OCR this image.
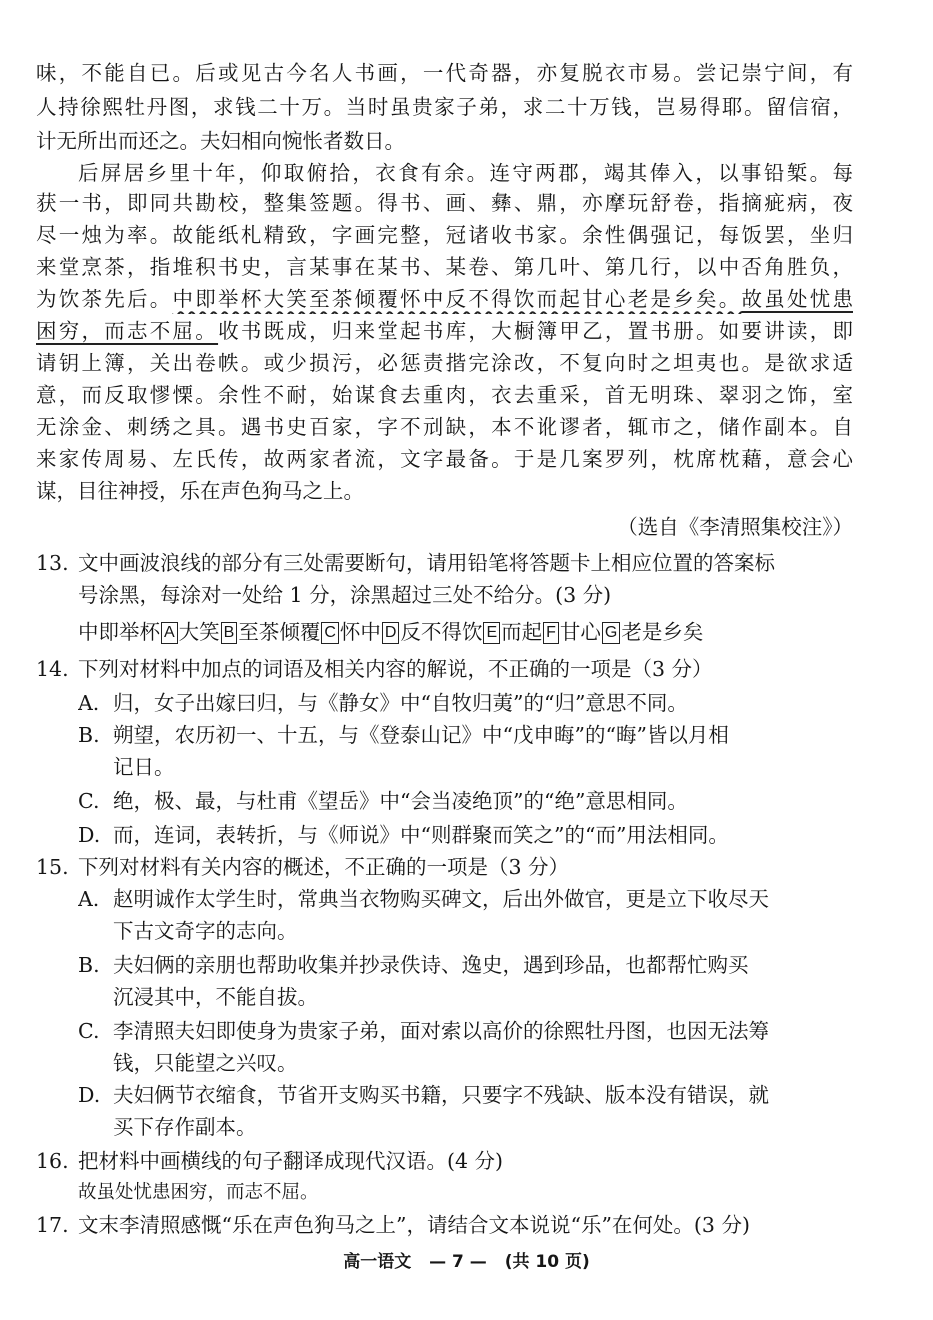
味，不能自已。后或见古今名人书画，一代奇器，亦复脱衣市易。尝记崇宁间，有
人持徐熙牡丹图，求钱二十万。当时虽贵家子弟，求二十万钱，岂易得耶。留信宿，
计无所出而还之。夫妇相向惋怅者数日。
后屏居乡里十年，仰取俯拾，衣食有余。连守两郡，竭其俸入，以事铅椠。每
获一书，即同共勘校，整集签题。得书、画、彝、鼎，亦摩玩舒卷，指摘疵病，夜
尽一烛为率。故能纸札精致，字画完整，冠诸收书家。余性偶强记，每饭罢，坐归
来堂烹茶，指堆积书史，言某事在某书、某卷、第几叶、第几行，以中否角胜负，
为饮茶先后。中即举杯大笑至茶倾覆怀中反不得饮而起甘心老是乡矣。故虽处忧患
困穷，而志不屈。收书既成，归来堂起书库，大橱簿甲乙，置书册。如要讲读，即
请钥上簿，关出卷帙。或少损污，必惩责揩完涂改，不复向时之坦夷也。是欲求适
意，而反取憀慄。余性不耐，始谋食去重肉，衣去重采，首无明珠、翠羽之饰，室
无涂金、刺绣之具。遇书史百家，字不刓缺，本不讹谬者，辄市之，储作副本。自
来家传周易、左氏传，故两家者流，文字最备。于是几案罗列，枕席枕藉，意会心
谋，目往神授，乐在声色狗马之上。
（选自《李清照集校注》）
13. 文中画波浪线的部分有三处需要断句，请用铅笔将答题卡上相应位置的答案标
号涂黑，每涂对一处给 1 分，涂黑超过三处不给分。(3 分)
中即举杯 A 大笑 B 至茶倾覆 C 怀中 D 反不得饮 E 而起 F 甘心 G 老是乡矣
14. 下列对材料中加点的词语及相关内容的解说，不正确的一项是（3 分）
A. 归，女子出嫁曰归，与《静女》中“自牧归荑”的“归”意思不同。
B. 朔望，农历初一、十五，与《登泰山记》中“戊申晦”的“晦”皆以月相
记日。
C. 绝，极、最，与杜甫《望岳》中“会当凌绝顶”的“绝”意思相同。
D. 而，连词，表转折，与《师说》中“则群聚而笑之”的“而”用法相同。
15. 下列对材料有关内容的概述，不正确的一项是（3 分）
A. 赵明诚作太学生时，常典当衣物购买碑文，后出外做官，更是立下收尽天
下古文奇字的志向。
B. 夫妇俩的亲朋也帮助收集并抄录佚诗、逸史，遇到珍品，也都帮忙购买
沉浸其中，不能自拔。
C. 李清照夫妇即使身为贵家子弟，面对索以高价的徐熙牡丹图，也因无法筹
钱，只能望之兴叹。
D. 夫妇俩节衣缩食，节省开支购买书籍，只要字不残缺、版本没有错误，就
买下存作副本。
16. 把材料中画横线的句子翻译成现代汉语。(4 分)
故虽处忧患困穷，而志不屈。
17. 文末李清照感慨“乐在声色狗马之上”，请结合文本说说“乐”在何处。(3 分)
高一语文 — 7 — (共 10 页)
